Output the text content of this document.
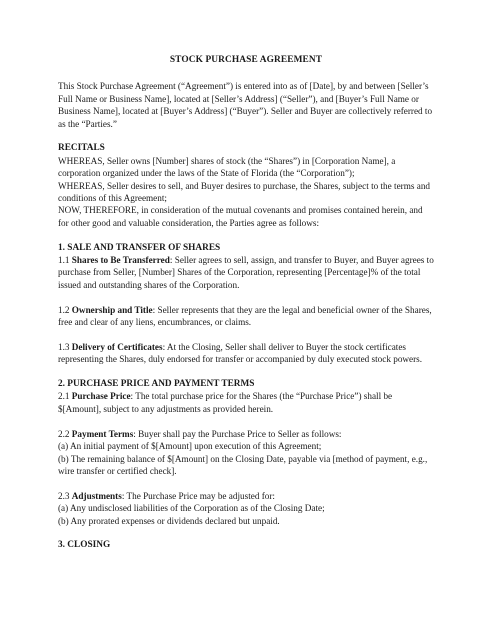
STOCK PURCHASE AGREEMENT

This Stock Purchase Agreement (“Agreement”) is entered into as of [Date], by and between [Seller’s Full Name or Business Name], located at [Seller’s Address] (“Seller”), and [Buyer’s Full Name or Business Name], located at [Buyer’s Address] (“Buyer”). Seller and Buyer are collectively referred to as the “Parties.”

RECITALS

WHEREAS, Seller owns [Number] shares of stock (the “Shares”) in [Corporation Name], a corporation organized under the laws of the State of Florida (the “Corporation”);

WHEREAS, Seller desires to sell, and Buyer desires to purchase, the Shares, subject to the terms and conditions of this Agreement;

NOW, THEREFORE, in consideration of the mutual covenants and promises contained herein, and for other good and valuable consideration, the Parties agree as follows:

1. SALE AND TRANSFER OF SHARES

1.1 Shares to Be Transferred: Seller agrees to sell, assign, and transfer to Buyer, and Buyer agrees to purchase from Seller, [Number] Shares of the Corporation, representing [Percentage]% of the total issued and outstanding shares of the Corporation.

1.2 Ownership and Title: Seller represents that they are the legal and beneficial owner of the Shares, free and clear of any liens, encumbrances, or claims.

1.3 Delivery of Certificates: At the Closing, Seller shall deliver to Buyer the stock certificates representing the Shares, duly endorsed for transfer or accompanied by duly executed stock powers.

2. PURCHASE PRICE AND PAYMENT TERMS

2.1 Purchase Price: The total purchase price for the Shares (the “Purchase Price”) shall be $[Amount], subject to any adjustments as provided herein.

2.2 Payment Terms: Buyer shall pay the Purchase Price to Seller as follows:

(a) An initial payment of $[Amount] upon execution of this Agreement;

(b) The remaining balance of $[Amount] on the Closing Date, payable via [method of payment, e.g., wire transfer or certified check].

2.3 Adjustments: The Purchase Price may be adjusted for:

(a) Any undisclosed liabilities of the Corporation as of the Closing Date;

(b) Any prorated expenses or dividends declared but unpaid.

3. CLOSING
